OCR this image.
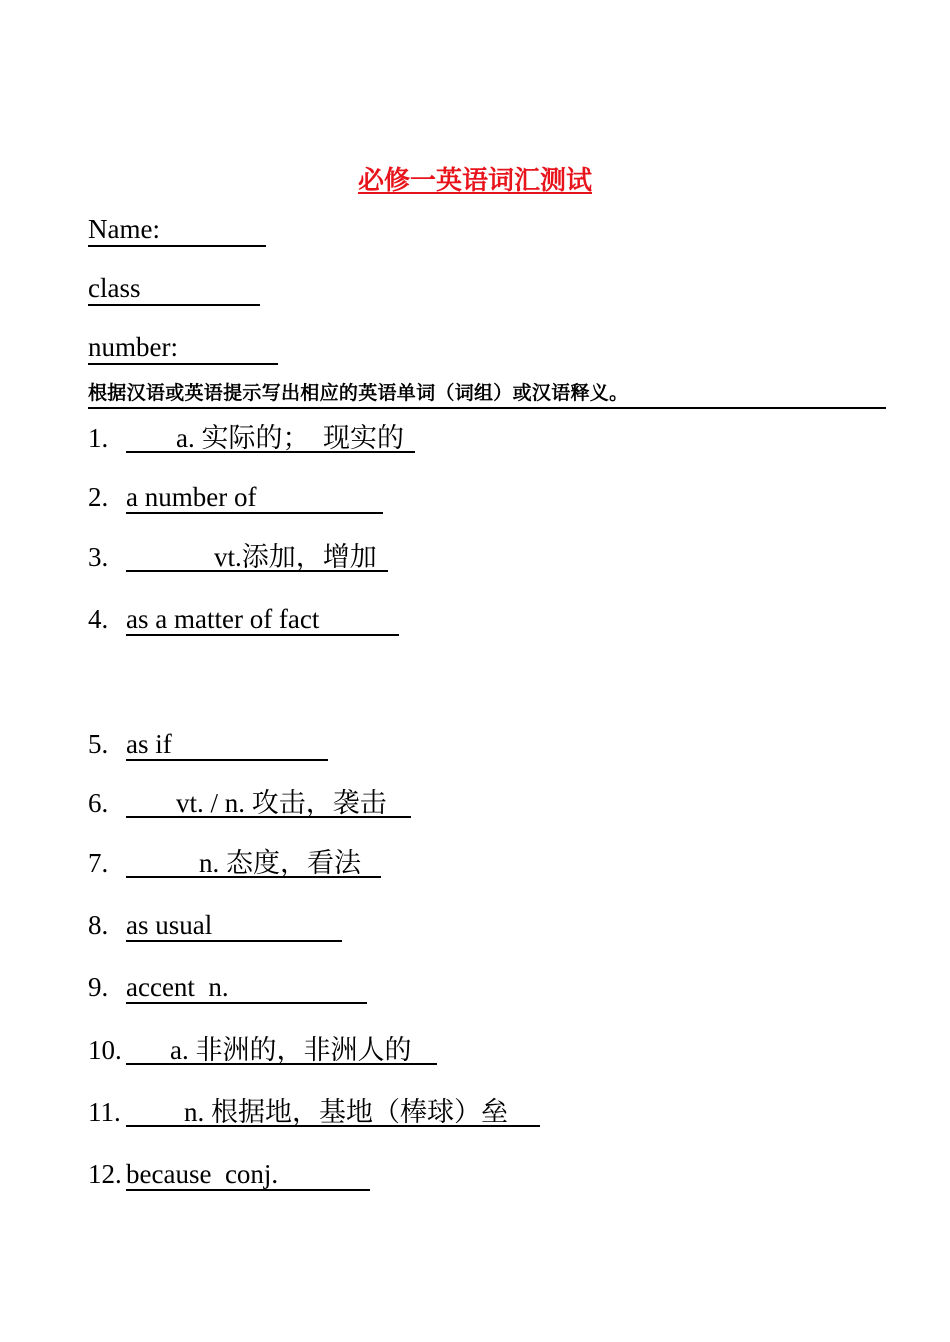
必修一英语词汇测试
Name:
class
number:
根据汉语或英语提示写出相应的英语单词（词组）或汉语释义。
1.	a. 实际的；  现实的
2. a number of
3.	vt.添加，增加
4. as a matter of fact
5. as if
6.	vt. / n. 攻击，袭击
7.	n. 态度，看法
8. as usual
9. accent  n.
10.	a. 非洲的，非洲人的
11.	n. 根据地，基地（棒球）垒
12. because  conj.
